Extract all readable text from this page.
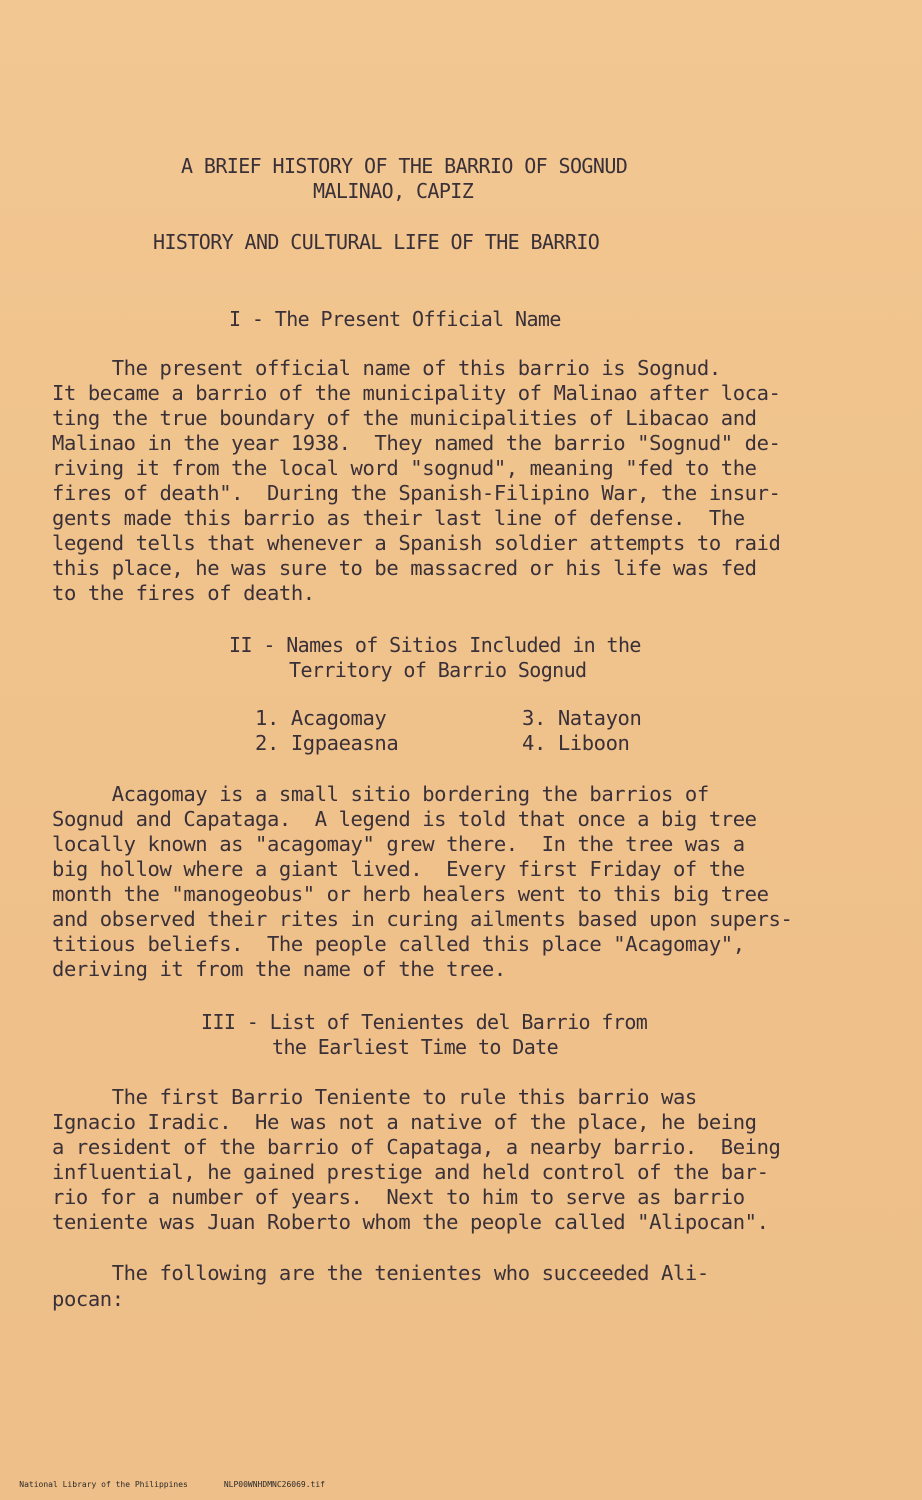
A BRIEF HISTORY OF THE BARRIO OF SOGNUD
MALINAO, CAPIZ
HISTORY AND CULTURAL LIFE OF THE BARRIO
I - The Present Official Name
The present official name of this barrio is Sognud.
It became a barrio of the municipality of Malinao after loca-
ting the true boundary of the municipalities of Libacao and
Malinao in the year 1938.  They named the barrio "Sognud" de-
riving it from the local word "sognud", meaning "fed to the
fires of death".  During the Spanish-Filipino War, the insur-
gents made this barrio as their last line of defense.  The
legend tells that whenever a Spanish soldier attempts to raid
this place, he was sure to be massacred or his life was fed
to the fires of death.
II - Names of Sitios Included in the
Territory of Barrio Sognud
1. Acagomay
2. Igpaeasna
3. Natayon
4. Liboon
Acagomay is a small sitio bordering the barrios of
Sognud and Capataga.  A legend is told that once a big tree
locally known as "acagomay" grew there.  In the tree was a
big hollow where a giant lived.  Every first Friday of the
month the "manogeobus" or herb healers went to this big tree
and observed their rites in curing ailments based upon supers-
titious beliefs.  The people called this place "Acagomay",
deriving it from the name of the tree.
III - List of Tenientes del Barrio from
the Earliest Time to Date
The first Barrio Teniente to rule this barrio was
Ignacio Iradic.  He was not a native of the place, he being
a resident of the barrio of Capataga, a nearby barrio.  Being
influential, he gained prestige and held control of the bar-
rio for a number of years.  Next to him to serve as barrio
teniente was Juan Roberto whom the people called "Alipocan".
The following are the tenientes who succeeded Ali-
pocan:

National Library of the Philippines	NLP00WNHDMNC26069.tif
